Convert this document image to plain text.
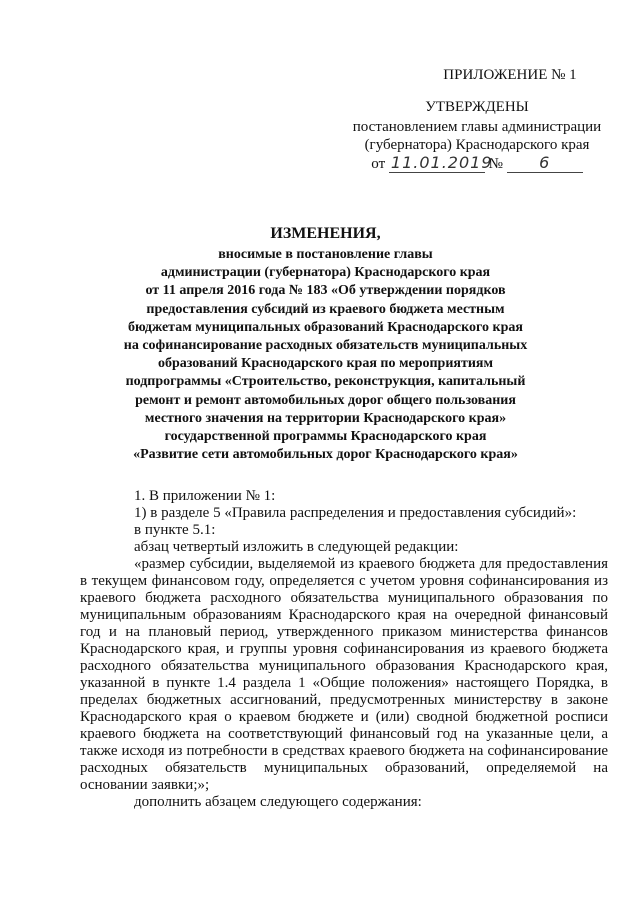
ПРИЛОЖЕНИЕ № 1
УТВЕРЖДЕНЫ
постановлением главы администрации
(губернатора) Краснодарского края
от 11.01.2019 № 6
ИЗМЕНЕНИЯ,
вносимые в постановление главы
администрации (губернатора) Краснодарского края
от 11 апреля 2016 года № 183 «Об утверждении порядков
предоставления субсидий из краевого бюджета местным
бюджетам муниципальных образований Краснодарского края
на софинансирование расходных обязательств муниципальных
образований Краснодарского края по мероприятиям
подпрограммы «Строительство, реконструкция, капитальный
ремонт и ремонт автомобильных дорог общего пользования
местного значения на территории Краснодарского края»
государственной программы Краснодарского края
«Развитие сети автомобильных дорог Краснодарского края»

1. В приложении № 1:

1) в разделе 5 «Правила распределения и предоставления субсидий»:

в пункте 5.1:

абзац четвертый изложить в следующей редакции:

«размер субсидии, выделяемой из краевого бюджета для предоставления в текущем финансовом году, определяется с учетом уровня софинансирования из краевого бюджета расходного обязательства муниципального образования по муниципальным образованиям Краснодарского края на очередной финансовый год и на плановый период, утвержденного приказом министерства финансов Краснодарского края, и группы уровня софинансирования из краевого бюджета расходного обязательства муниципального образования Краснодарского края, указанной в пункте 1.4 раздела 1 «Общие положения» настоящего Порядка, в пределах бюджетных ассигнований, предусмотренных министерству в законе Краснодарского края о краевом бюджете и (или) сводной бюджетной росписи краевого бюджета на соответствующий финансовый год на указанные цели, а также исходя из потребности в средствах краевого бюджета на софинансирование расходных обязательств муниципальных образований, определяемой на основании заявки;»;

дополнить абзацем следующего содержания:
